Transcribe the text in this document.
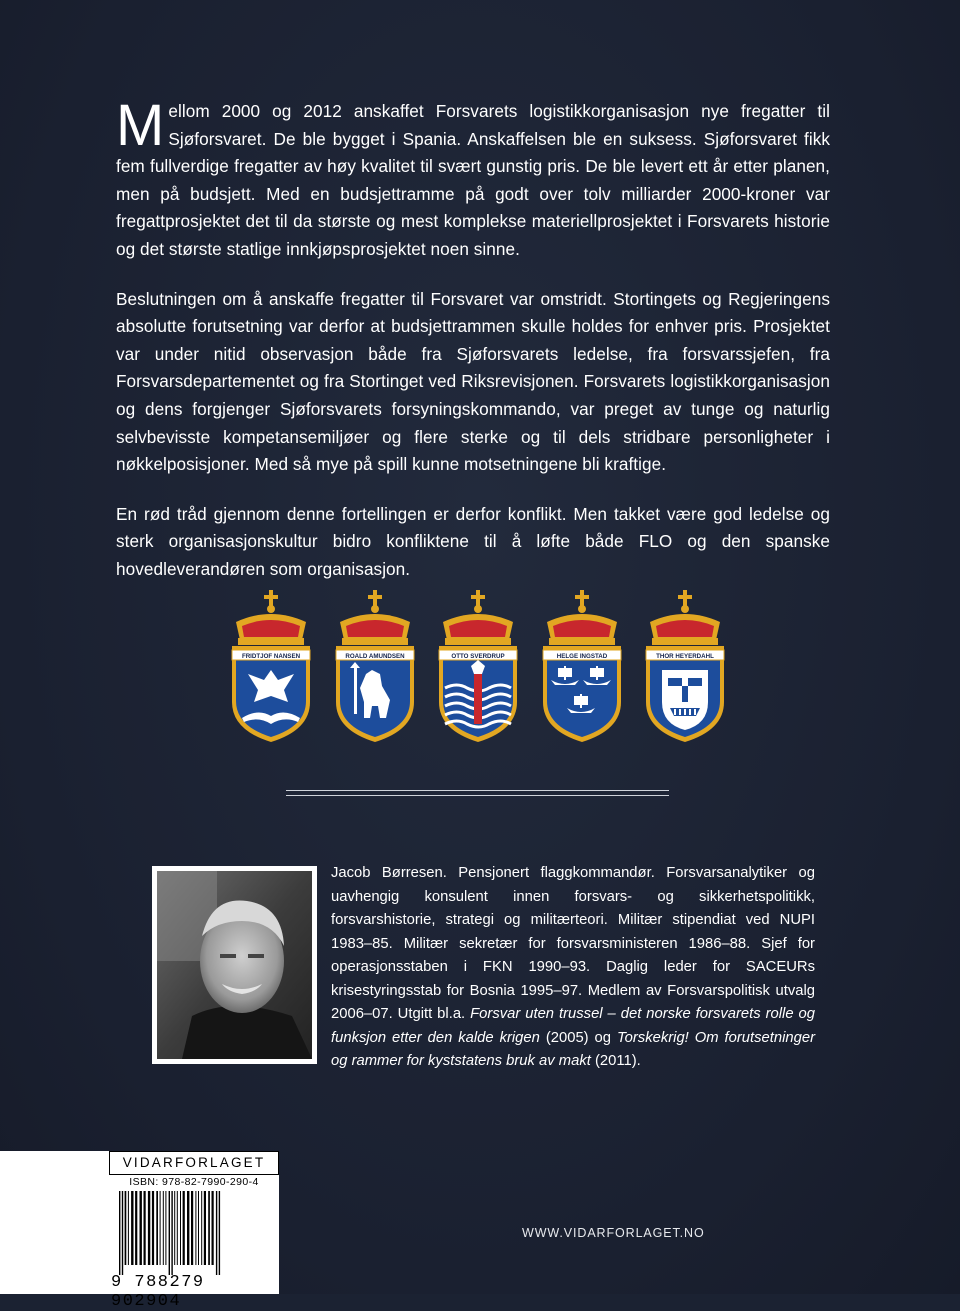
Mellom 2000 og 2012 anskaffet Forsvarets logistikkorganisasjon nye fregatter til Sjøforsvaret. De ble bygget i Spania. Anskaffelsen ble en suksess. Sjøforsvaret fikk fem fullverdige fregatter av høy kvalitet til svært gunstig pris. De ble levert ett år etter planen, men på budsjett. Med en budsjettramme på godt over tolv milliarder 2000-kroner var fregattprosjektet det til da største og mest komplekse materiellprosjektet i Forsvarets historie og det største statlige innkjøpsprosjektet noen sinne.

Beslutningen om å anskaffe fregatter til Forsvaret var omstridt. Stortingets og Regjeringens absolutte forutsetning var derfor at budsjettrammen skulle holdes for enhver pris. Prosjektet var under nitid observasjon både fra Sjøforsvarets ledelse, fra forsvarssjefen, fra Forsvarsdepartementet og fra Stortinget ved Riksrevisjonen. Forsvarets logistikkorganisasjon og dens forgjenger Sjøforsvarets forsyningskommando, var preget av tunge og naturlig selvbevisste kompetansemiljøer og flere sterke og til dels stridbare personligheter i nøkkelposisjoner. Med så mye på spill kunne motsetningene bli kraftige.

En rød tråd gjennom denne fortellingen er derfor konflikt. Men takket være god ledelse og sterk organisasjonskultur bidro konfliktene til å løfte både FLO og den spanske hovedleverandøren som organisasjon.

FRIDTJOF NANSEN	ROALD AMUNDSEN	OTTO SVERDRUP	HELGE INGSTAD	THOR HEYERDAHL

Jacob Børresen. Pensjonert flaggkommandør. Forsvarsanalytiker og uavhengig konsulent innen forsvars- og sikkerhetspolitikk, forsvarshistorie, strategi og militærteori. Militær stipendiat ved NUPI 1983–85. Militær sekretær for forsvarsministeren 1986–88. Sjef for operasjonsstaben i FKN 1990–93. Daglig leder for SACEURs krisestyringsstab for Bosnia 1995–97. Medlem av Forsvarspolitisk utvalg 2006–07. Utgitt bl.a. Forsvar uten trussel – det norske forsvarets rolle og funksjon etter den kalde krigen (2005) og Torskekrig! Om forutsetninger og rammer for kyststatens bruk av makt (2011).

VIDARFORLAGET
ISBN: 978-82-7990-290-4
9 788279 902904
WWW.VIDARFORLAGET.NO
